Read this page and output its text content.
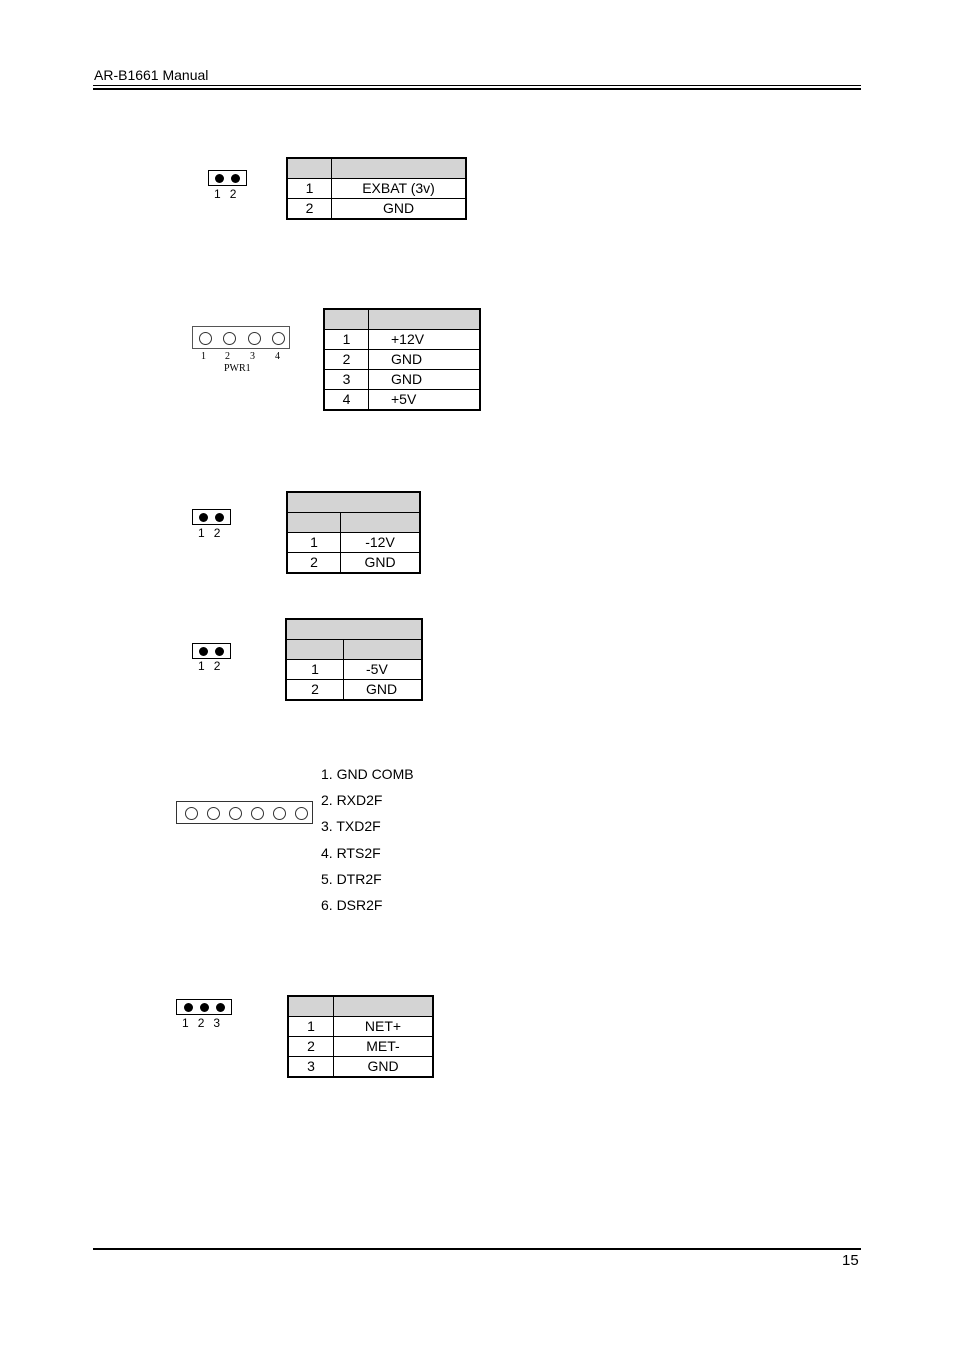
AR-B1661 Manual
15
1 2
		1	EXBAT (3v)
2	GND
1 2 3 4
PWR1

1	+12V
2	GND
3	GND
4	+5V
1 2

1	-12V
2	GND
1 2

		1	-5V
2	GND
1. GND COMB
2. RXD2F
3. TXD2F
4. RTS2F
5. DTR2F
6. DSR2F
1 2 3
		1	NET+
2	MET-
3	GND
